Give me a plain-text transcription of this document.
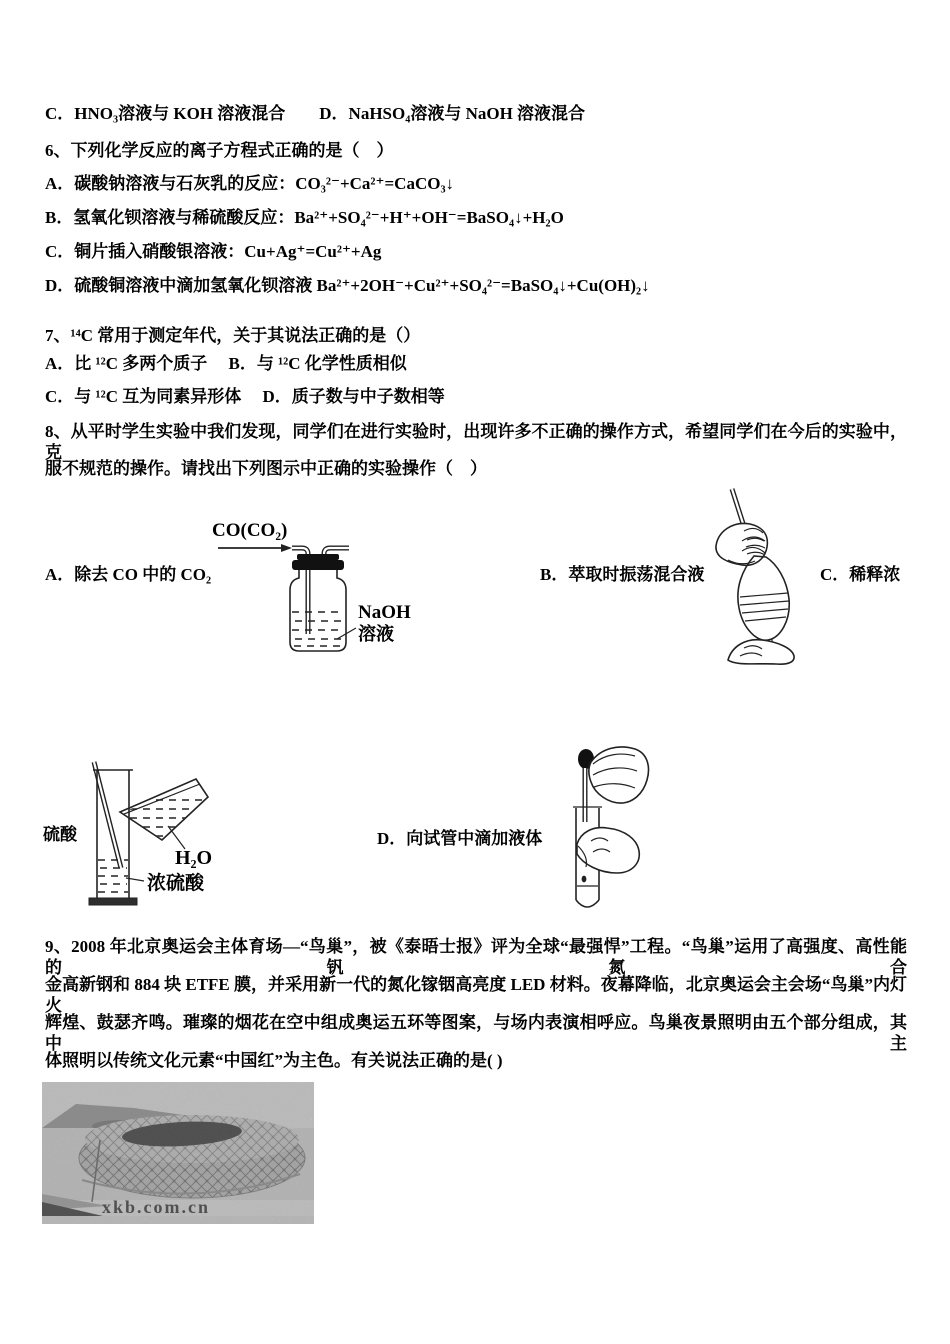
C．HNO₃溶液与 KOH 溶液混合　　D．NaHSO₄溶液与 NaOH 溶液混合
6、下列化学反应的离子方程式正确的是（　）
A．碳酸钠溶液与石灰乳的反应：CO₃²⁻+Ca²⁺=CaCO₃↓
B．氢氧化钡溶液与稀硫酸反应：Ba²⁺+SO₄²⁻+H⁺+OH⁻=BaSO₄↓+H₂O
C．铜片插入硝酸银溶液：Cu+Ag⁺=Cu²⁺+Ag
D．硫酸铜溶液中滴加氢氧化钡溶液 Ba²⁺+2OH⁻+Cu²⁺+SO₄²⁻=BaSO₄↓+Cu(OH)₂↓
7、¹⁴C 常用于测定年代，关于其说法正确的是（）
A．比 ¹²C 多两个质子　 B．与 ¹²C 化学性质相似
C．与 ¹²C 互为同素异形体　 D．质子数与中子数相等
8、从平时学生实验中我们发现，同学们在进行实验时，出现许多不正确的操作方式，希望同学们在今后的实验中，克
服不规范的操作。请找出下列图示中正确的实验操作（　）
A．除去 CO 中的 CO₂
CO(CO₂)
NaOH
溶液
B．萃取时振荡混合液	C．稀释浓
硫酸
H₂O
浓硫酸
D．向试管中滴加液体
9、2008 年北京奥运会主体育场—“鸟巢”，被《泰晤士报》评为全球“最强悍”工程。“鸟巢”运用了高强度、高性能的钒氮合
金高新钢和 884 块 ETFE 膜，并采用新一代的氮化镓铟高亮度 LED 材料。夜幕降临，北京奥运会主会场“鸟巢”内灯火
辉煌、鼓瑟齐鸣。璀璨的烟花在空中组成奥运五环等图案，与场内表演相呼应。鸟巢夜景照明由五个部分组成，其中主
体照明以传统文化元素“中国红”为主色。有关说法正确的是( )
xkb.com.cn
